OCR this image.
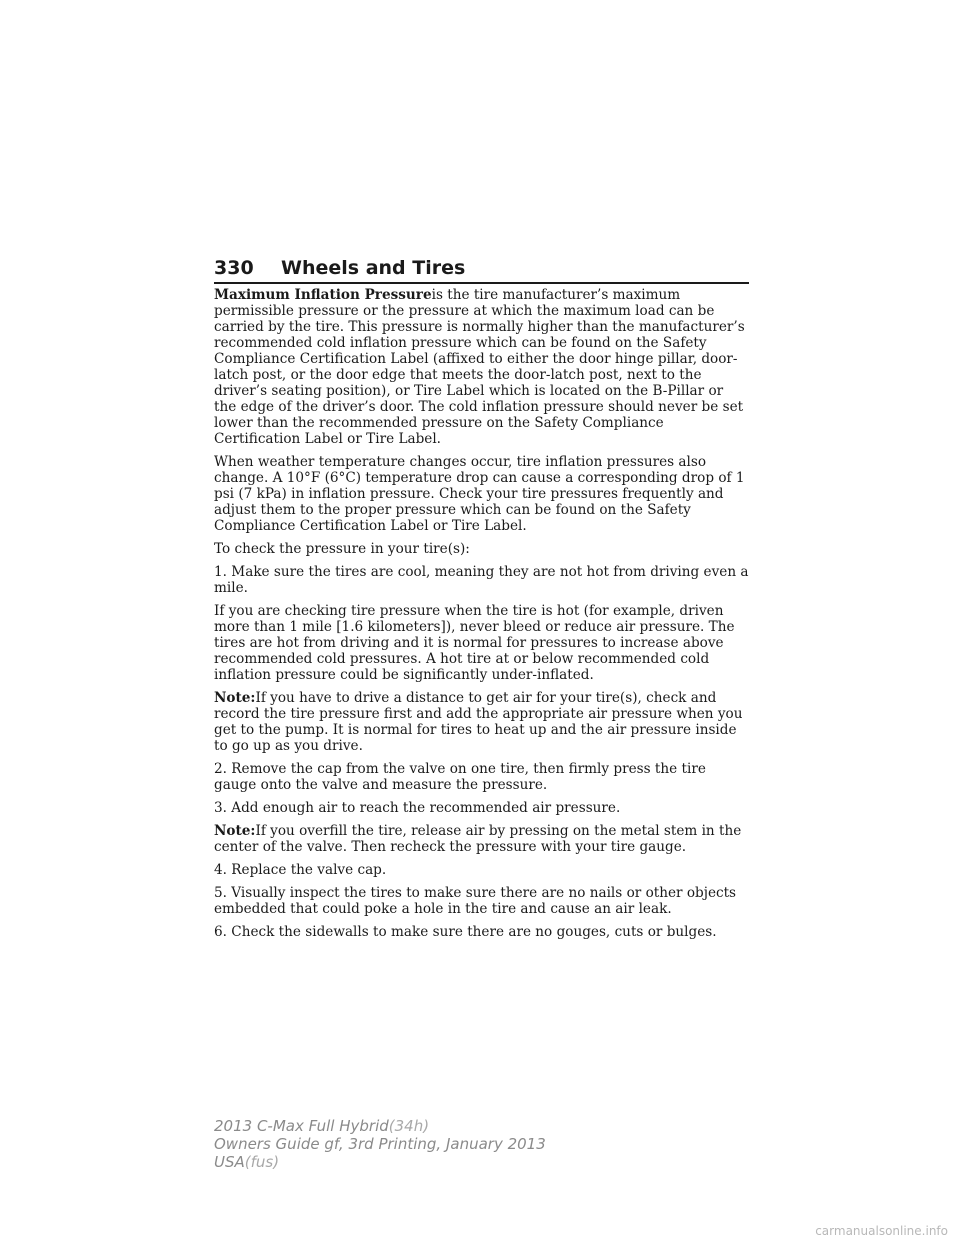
330 Wheels and Tires

Maximum Inflation Pressureis the tire manufacturer’s maximum permissible pressure or the pressure at which the maximum load can be carried by the tire. This pressure is normally higher than the manufacturer’s recommended cold inflation pressure which can be found on the Safety Compliance Certification Label (affixed to either the door hinge pillar, door-latch post, or the door edge that meets the door-latch post, next to the driver’s seating position), or Tire Label which is located on the B-Pillar or the edge of the driver’s door. The cold inflation pressure should never be set lower than the recommended pressure on the Safety Compliance Certification Label or Tire Label.

When weather temperature changes occur, tire inflation pressures also change. A 10°F (6°C) temperature drop can cause a corresponding drop of 1 psi (7 kPa) in inflation pressure. Check your tire pressures frequently and adjust them to the proper pressure which can be found on the Safety Compliance Certification Label or Tire Label.

To check the pressure in your tire(s):

1. Make sure the tires are cool, meaning they are not hot from driving even a mile.

If you are checking tire pressure when the tire is hot (for example, driven more than 1 mile [1.6 kilometers]), never bleed or reduce air pressure. The tires are hot from driving and it is normal for pressures to increase above recommended cold pressures. A hot tire at or below recommended cold inflation pressure could be significantly under-inflated.

Note:If you have to drive a distance to get air for your tire(s), check and record the tire pressure first and add the appropriate air pressure when you get to the pump. It is normal for tires to heat up and the air pressure inside to go up as you drive.

2. Remove the cap from the valve on one tire, then firmly press the tire gauge onto the valve and measure the pressure.

3. Add enough air to reach the recommended air pressure.

Note:If you overfill the tire, release air by pressing on the metal stem in the center of the valve. Then recheck the pressure with your tire gauge.

4. Replace the valve cap.

5. Visually inspect the tires to make sure there are no nails or other objects embedded that could poke a hole in the tire and cause an air leak.

6. Check the sidewalls to make sure there are no gouges, cuts or bulges.

2013 C-Max Full Hybrid(34h)
Owners Guide gf, 3rd Printing, January 2013
USA(fus)
carmanualsonline.info
